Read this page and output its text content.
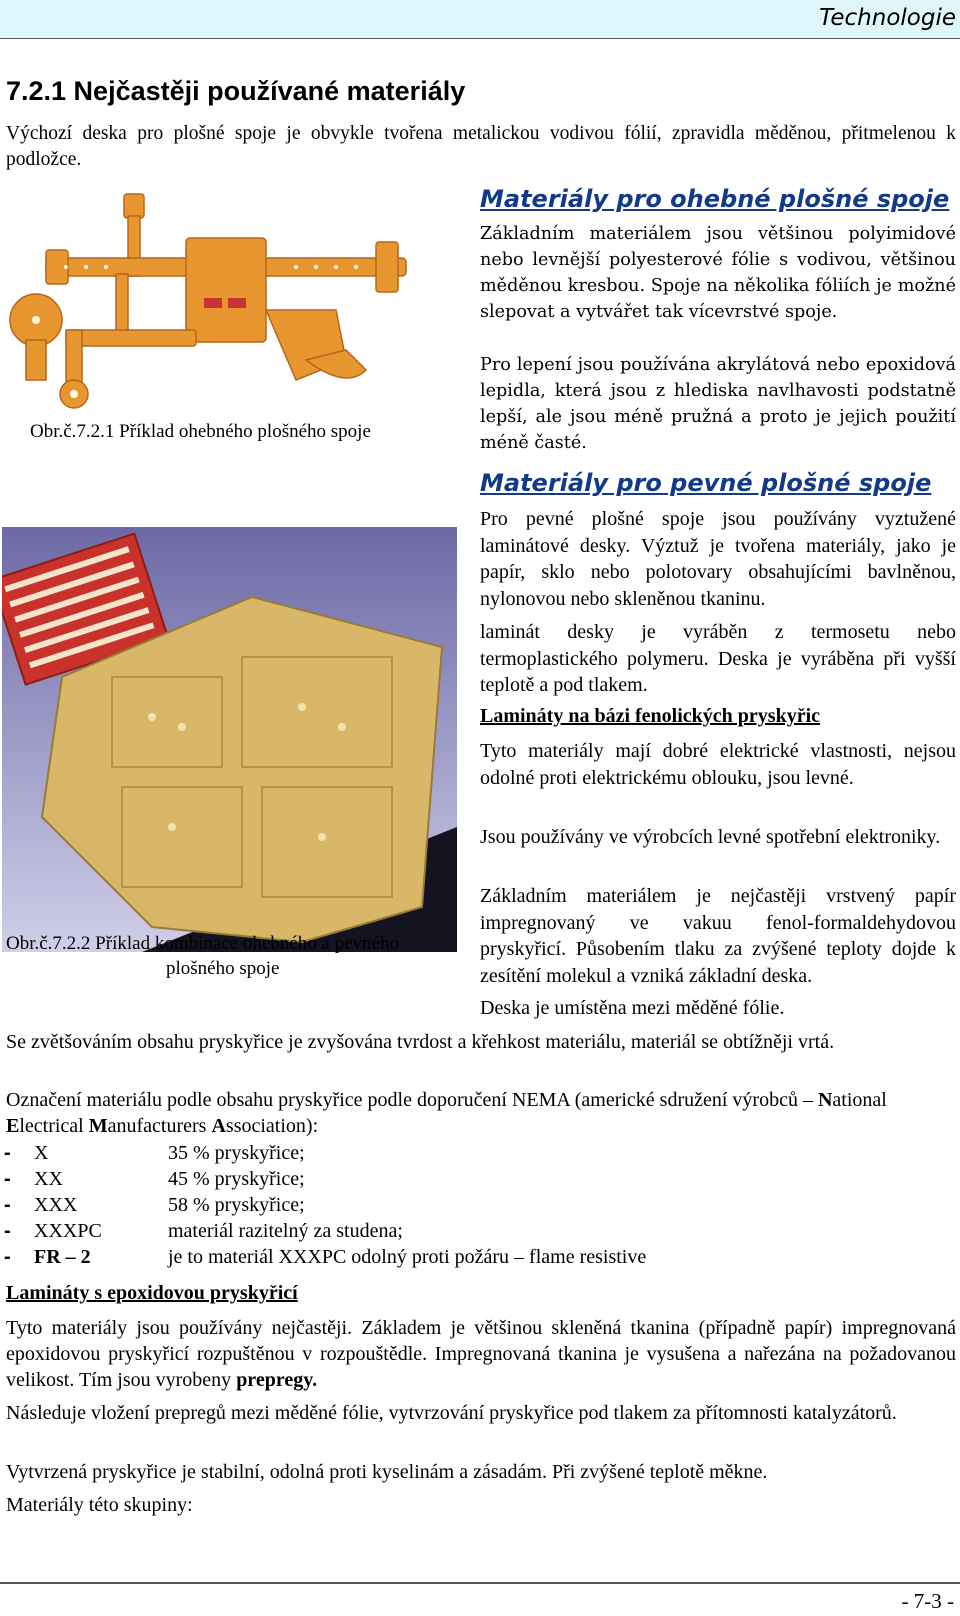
Technologie
7.2.1 Nejčastěji používané materiály
Výchozí deska pro plošné spoje je obvykle tvořena metalickou vodivou fólií, zpravidla měděnou, přitmelenou k podložce.
Obr.č.7.2.1 Příklad ohebného plošného spoje
Obr.č.7.2.2 Příklad kombinace ohebného a pevného
plošného spoje
Materiály pro ohebné plošné spoje
Základním materiálem jsou většinou polyimidové nebo levnější polyesterové fólie s vodivou, většinou měděnou kresbou. Spoje na několika fóliích je možné slepovat a vytvářet tak vícevrstvé spoje.
Pro lepení jsou používána akrylátová nebo epoxidová lepidla, která jsou z hlediska navlhavosti podstatně lepší, ale jsou méně pružná a proto je jejich použití méně časté.
Materiály pro pevné plošné spoje
Pro pevné plošné spoje jsou používány vyztužené laminátové desky. Výztuž je tvořena materiály, jako je papír, sklo nebo polotovary obsahujícími bavlněnou, nylonovou nebo skleněnou tkaninu.
laminát desky je vyráběn z termosetu nebo termoplastického polymeru. Deska je vyráběna při vyšší teplotě a pod tlakem.
Lamináty na bázi fenolických pryskyřic
Tyto materiály mají dobré elektrické vlastnosti, nejsou odolné proti elektrickému oblouku, jsou levné.
Jsou používány ve výrobcích levné spotřební elektroniky.
Základním materiálem je nejčastěji vrstvený papír impregnovaný ve vakuu fenol-formaldehydovou pryskyřicí. Působením tlaku za zvýšené teploty dojde k zesítění molekul a vzniká základní deska.
Deska je umístěna mezi měděné fólie.
Se zvětšováním obsahu pryskyřice je zvyšována tvrdost a křehkost materiálu, materiál se obtížněji vrtá.
Označení materiálu podle obsahu pryskyřice podle doporučení NEMA (americké sdružení výrobců – National Electrical Manufacturers Association):
- X	35 % pryskyřice;
- XX	45 % pryskyřice;
- XXX	58 % pryskyřice;
- XXXPC	materiál razitelný za studena;
- FR – 2	je to materiál XXXPC odolný proti požáru – flame resistive
Lamináty s epoxidovou pryskyřicí
Tyto materiály jsou používány nejčastěji. Základem je většinou skleněná tkanina (případně papír) impregnovaná epoxidovou pryskyřicí rozpuštěnou v rozpouštědle. Impregnovaná tkanina je vysušena a nařezána na požadovanou velikost. Tím jsou vyrobeny prepregy.
Následuje vložení prepregů mezi měděné fólie, vytvrzování pryskyřice pod tlakem za přítomnosti katalyzátorů.
Vytvrzená pryskyřice je stabilní, odolná proti kyselinám a zásadám. Při zvýšené teplotě měkne.
Materiály této skupiny:
- 7-3 -
